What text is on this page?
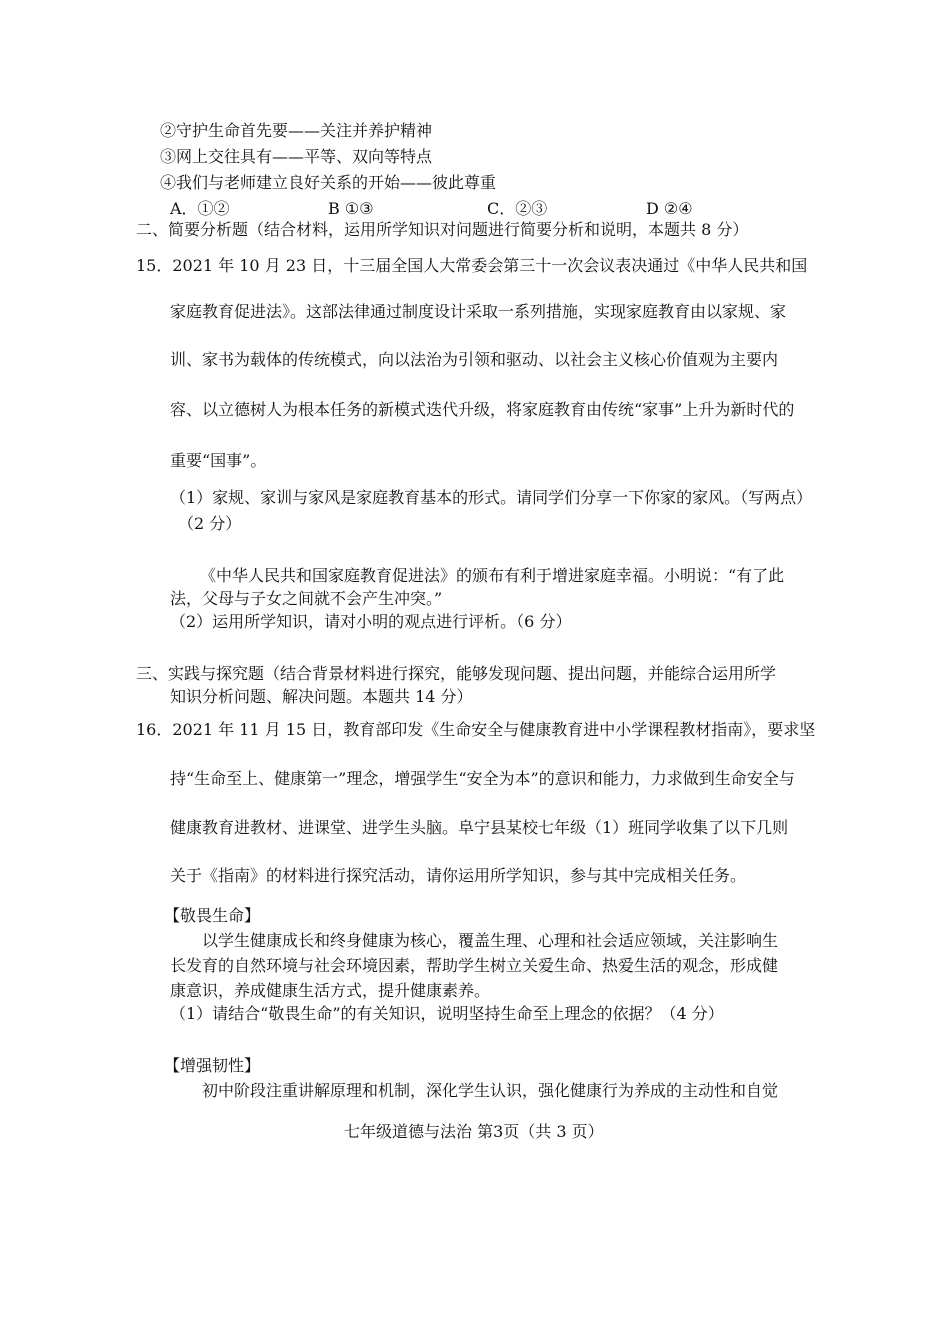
②守护生命首先要——关注并养护精神
③网上交往具有——平等、双向等特点
④我们与老师建立良好关系的开始——彼此尊重
A．①②	B ①③	C．②③	D ②④
二、简要分析题（结合材料，运用所学知识对问题进行简要分析和说明，本题共 8 分）
15．2021 年 10 月 23 日，十三届全国人大常委会第三十一次会议表决通过《中华人民共和国
家庭教育促进法》。这部法律通过制度设计采取一系列措施，实现家庭教育由以家规、家
训、家书为载体的传统模式，向以法治为引领和驱动、以社会主义核心价值观为主要内
容、以立德树人为根本任务的新模式迭代升级，将家庭教育由传统“家事”上升为新时代的
重要“国事”。
（1）家规、家训与家风是家庭教育基本的形式。请同学们分享一下你家的家风。（写两点）
（2 分）
《中华人民共和国家庭教育促进法》的颁布有利于增进家庭幸福。小明说：“有了此
法，父母与子女之间就不会产生冲突。”
（2）运用所学知识，请对小明的观点进行评析。（6 分）
三、实践与探究题（结合背景材料进行探究，能够发现问题、提出问题，并能综合运用所学
知识分析问题、解决问题。本题共 14 分）
16．2021 年 11 月 15 日，教育部印发《生命安全与健康教育进中小学课程教材指南》，要求坚
持“生命至上、健康第一”理念，增强学生“安全为本”的意识和能力，力求做到生命安全与
健康教育进教材、进课堂、进学生头脑。阜宁县某校七年级（1）班同学收集了以下几则
关于《指南》的材料进行探究活动，请你运用所学知识，参与其中完成相关任务。
【敬畏生命】
以学生健康成长和终身健康为核心，覆盖生理、心理和社会适应领域，关注影响生
长发育的自然环境与社会环境因素，帮助学生树立关爱生命、热爱生活的观念，形成健
康意识，养成健康生活方式，提升健康素养。
（1）请结合“敬畏生命”的有关知识，说明坚持生命至上理念的依据？（4 分）
【增强韧性】
初中阶段注重讲解原理和机制，深化学生认识，强化健康行为养成的主动性和自觉
七年级道德与法治 第3页（共 3 页）
